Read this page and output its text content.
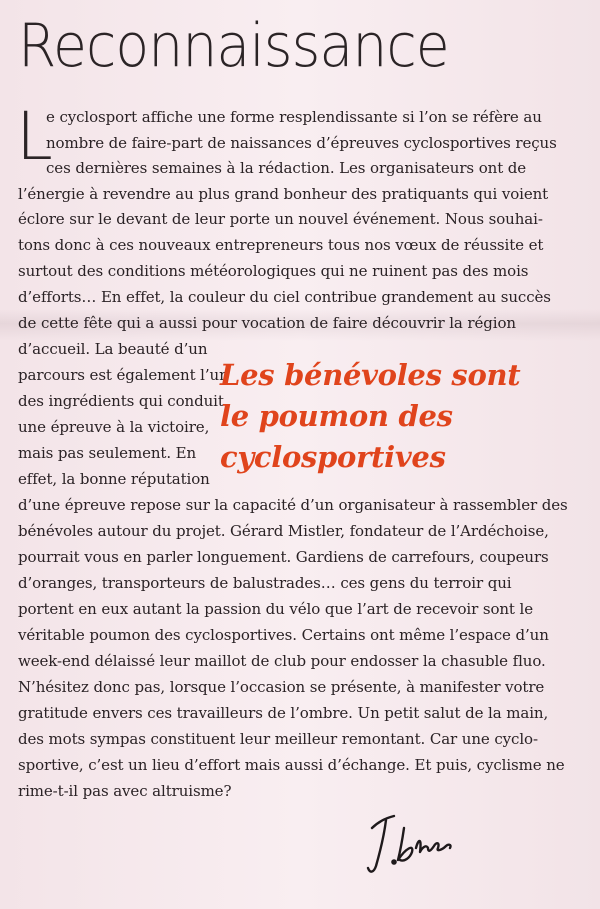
Reconnaissance
L
e cyclosport affiche une forme resplendissante si l’on se réfère au
nombre de faire-part de naissances d’épreuves cyclosportives reçus
ces dernières semaines à la rédaction. Les organisateurs ont de
l’énergie à revendre au plus grand bonheur des pratiquants qui voient
éclore sur le devant de leur porte un nouvel événement. Nous souhai-
tons donc à ces nouveaux entrepreneurs tous nos vœux de réussite et
surtout des conditions météorologiques qui ne ruinent pas des mois
d’efforts… En effet, la couleur du ciel contribue grandement au succès
de cette fête qui a aussi pour vocation de faire découvrir la région
d’accueil. La beauté d’un
parcours est également l’un
des ingrédients qui conduit
une épreuve à la victoire,
mais pas seulement. En
effet, la bonne réputation
d’une épreuve repose sur la capacité d’un organisateur à rassembler des
bénévoles autour du projet. Gérard Mistler, fondateur de l’Ardéchoise,
pourrait vous en parler longuement. Gardiens de carrefours, coupeurs
d’oranges, transporteurs de balustrades… ces gens du terroir qui
portent en eux autant la passion du vélo que l’art de recevoir sont le
véritable poumon des cyclosportives. Certains ont même l’espace d’un
week-end délaissé leur maillot de club pour endosser la chasuble fluo.
N’hésitez donc pas, lorsque l’occasion se présente, à manifester votre
gratitude envers ces travailleurs de l’ombre. Un petit salut de la main,
des mots sympas constituent leur meilleur remontant. Car une cyclo-
sportive, c’est un lieu d’effort mais aussi d’échange. Et puis, cyclisme ne
rime-t-il pas avec altruisme?
Les bénévoles sont
le poumon des
cyclosportives
